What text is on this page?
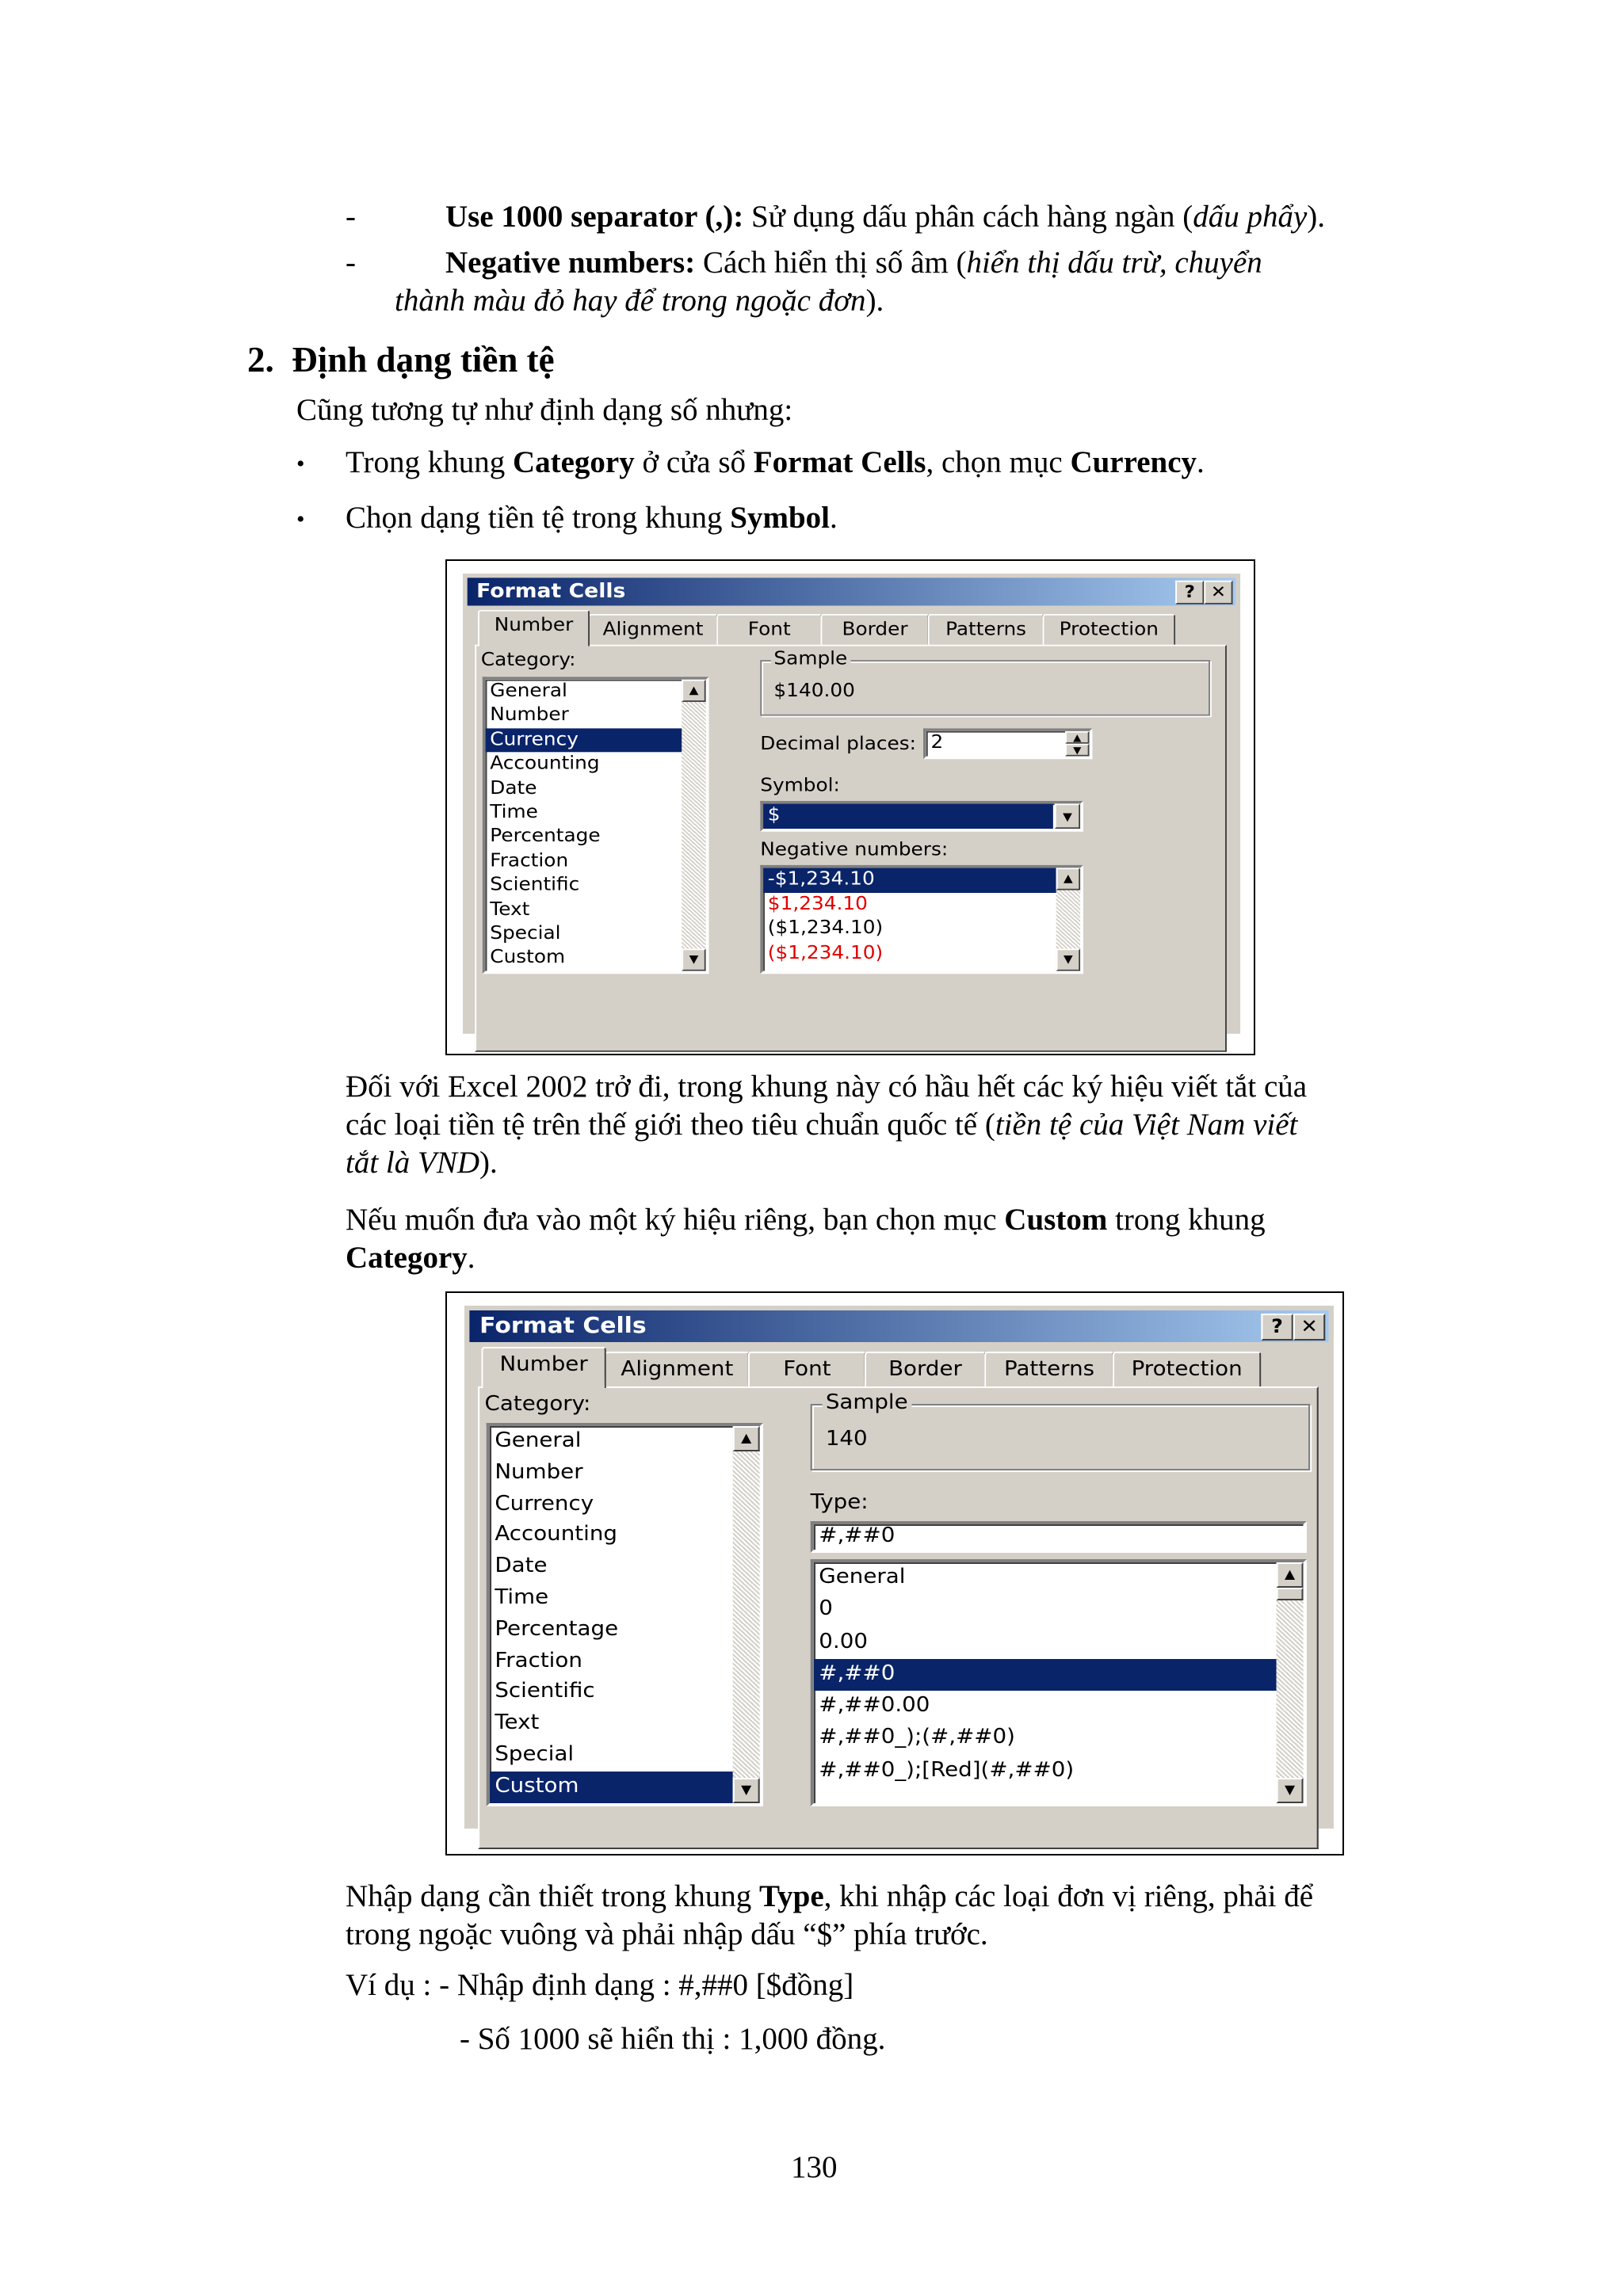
-	Use 1000 separator (,): Sử dụng dấu phân cách hàng ngàn (dấu phẩy).
-	Negative numbers: Cách hiển thị số âm (hiển thị dấu trừ, chuyển
thành màu đỏ hay để trong ngoặc đơn).
2. Định dạng tiền tệ
Cũng tương tự như định dạng số nhưng:
• Trong khung Category ở cửa sổ Format Cells, chọn mục Currency.
• Chọn dạng tiền tệ trong khung Symbol.
Format Cells	?	✕
Number	Alignment	Font	Border	Patterns	Protection
Category:
General
Number
Currency
Accounting
Date
Time
Percentage
Fraction
Scientific
Text
Special
Custom
▲
▼
Sample
$140.00
Decimal places: 2	▲
▼
Symbol:
$	▼
Negative numbers:
-$1,234.10
$1,234.10
($1,234.10)
($1,234.10)
▲
▼
Đối với Excel 2002 trở đi, trong khung này có hầu hết các ký hiệu viết tắt của
các loại tiền tệ trên thế giới theo tiêu chuẩn quốc tế (tiền tệ của Việt Nam viết
tắt là VND).
Nếu muốn đưa vào một ký hiệu riêng, bạn chọn mục Custom trong khung
Category.
Format Cells	?	✕
Number	Alignment	Font	Border	Patterns	Protection
Category:
General
Number
Currency
Accounting
Date
Time
Percentage
Fraction
Scientific
Text
Special
Custom
▲
▼
Sample
140
Type:
#,##0
General
0
0.00
#,##0
#,##0.00
#,##0_);(#,##0)
#,##0_);[Red](#,##0)
▲
▼
Nhập dạng cần thiết trong khung Type, khi nhập các loại đơn vị riêng, phải để
trong ngoặc vuông và phải nhập dấu “$” phía trước.
Ví dụ : - Nhập định dạng : #,##0 [$đồng]
- Số 1000 sẽ hiển thị : 1,000 đồng.
130
